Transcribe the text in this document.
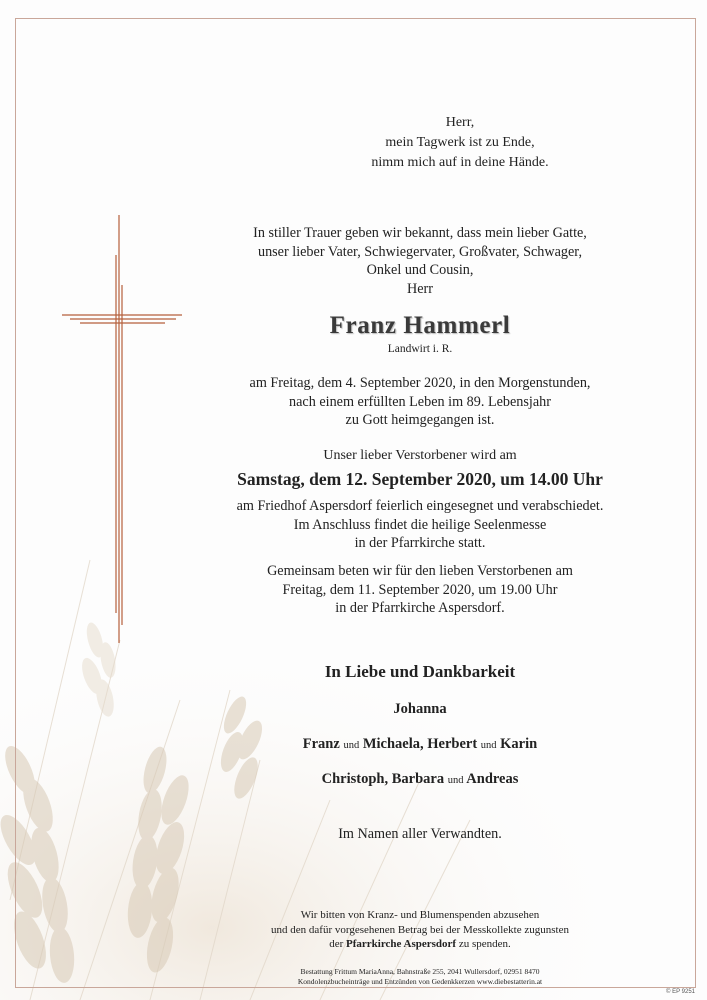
Herr,
mein Tagwerk ist zu Ende,
nimm mich auf in deine Hände.
In stiller Trauer geben wir bekannt, dass mein lieber Gatte,
unser lieber Vater, Schwiegervater, Großvater, Schwager,
Onkel und Cousin,
Herr
Franz Hammerl
Landwirt i. R.
am Freitag, dem 4. September 2020, in den Morgenstunden,
nach einem erfüllten Leben im 89. Lebensjahr
zu Gott heimgegangen ist.
Unser lieber Verstorbener wird am
Samstag, dem 12. September 2020, um 14.00 Uhr
am Friedhof Aspersdorf feierlich eingesegnet und verabschiedet.
Im Anschluss findet die heilige Seelenmesse
in der Pfarrkirche statt.
Gemeinsam beten wir für den lieben Verstorbenen am
Freitag, dem 11. September 2020, um 19.00 Uhr
in der Pfarrkirche Aspersdorf.
In Liebe und Dankbarkeit
Johanna
Franz und Michaela, Herbert und Karin
Christoph, Barbara und Andreas
Im Namen aller Verwandten.
Wir bitten von Kranz- und Blumenspenden abzusehen
und den dafür vorgesehenen Betrag bei der Messkollekte zugunsten
der Pfarrkirche Aspersdorf zu spenden.
Bestattung Frittum MariaAnna, Bahnstraße 255, 2041 Wullersdorf, 02951 8470
Kondolenzbucheinträge und Entzünden von Gedenkkerzen www.diebestatterin.at
© EP 9251
